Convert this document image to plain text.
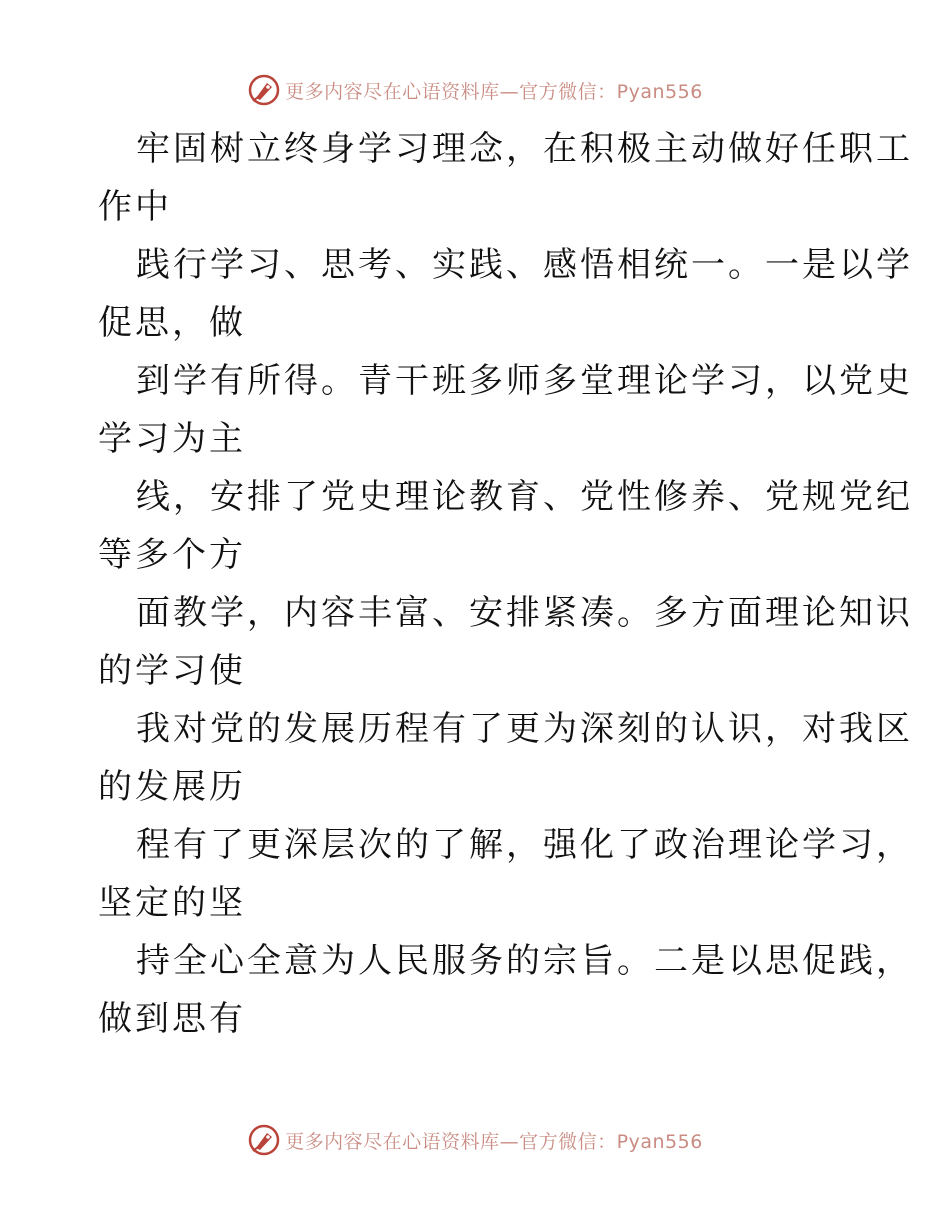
更多内容尽在心语资料库—官方微信：Pyan556

牢固树立终身学习理念，在积极主动做好任职工

作中

践行学习、思考、实践、感悟相统一。一是以学

促思，做

到学有所得。青干班多师多堂理论学习，以党史

学习为主

线，安排了党史理论教育、党性修养、党规党纪

等多个方

面教学，内容丰富、安排紧凑。多方面理论知识

的学习使

我对党的发展历程有了更为深刻的认识，对我区

的发展历

程有了更深层次的了解，强化了政治理论学习，

坚定的坚

持全心全意为人民服务的宗旨。二是以思促践，

做到思有

更多内容尽在心语资料库—官方微信：Pyan556
